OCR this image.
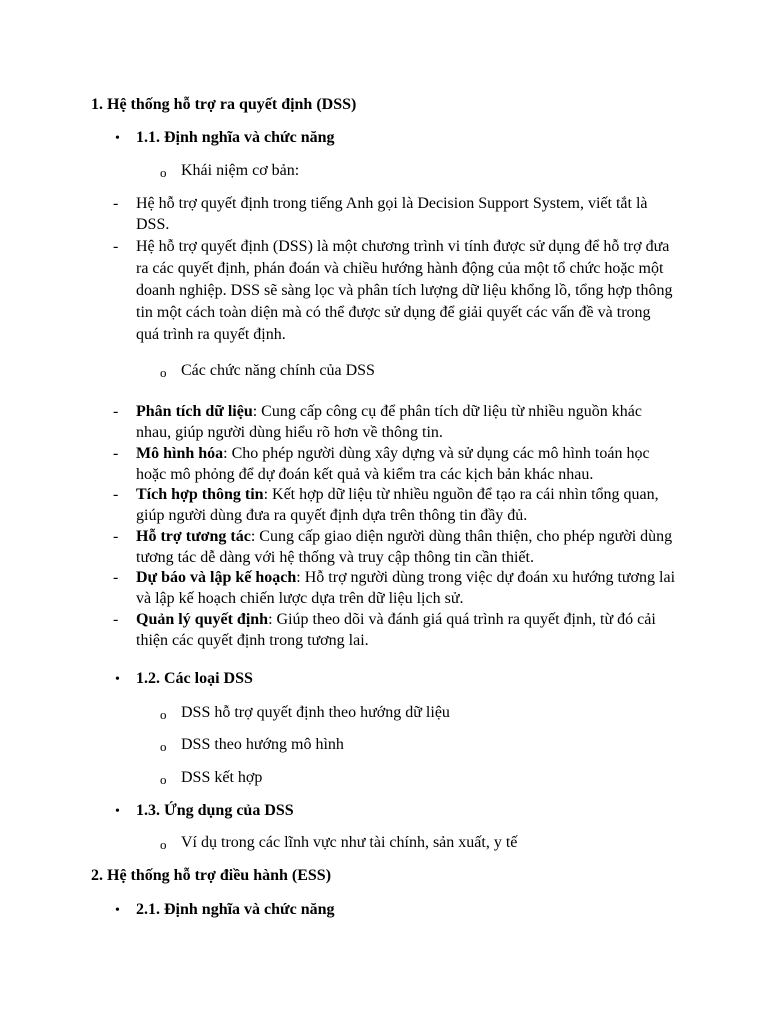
1. Hệ thống hỗ trợ ra quyết định (DSS)
• 1.1. Định nghĩa và chức năng
o Khái niệm cơ bản:
- Hệ hỗ trợ quyết định trong tiếng Anh gọi là Decision Support System, viết tắt là DSS.
- Hệ hỗ trợ quyết định (DSS) là một chương trình vi tính được sử dụng để hỗ trợ đưa ra các quyết định, phán đoán và chiều hướng hành động của một tổ chức hoặc một doanh nghiệp. DSS sẽ sàng lọc và phân tích lượng dữ liệu khổng lồ, tổng hợp thông tin một cách toàn diện mà có thể được sử dụng để giải quyết các vấn đề và trong quá trình ra quyết định.
o Các chức năng chính của DSS
- Phân tích dữ liệu: Cung cấp công cụ để phân tích dữ liệu từ nhiều nguồn khác nhau, giúp người dùng hiểu rõ hơn về thông tin.
- Mô hình hóa: Cho phép người dùng xây dựng và sử dụng các mô hình toán học hoặc mô phỏng để dự đoán kết quả và kiểm tra các kịch bản khác nhau.
- Tích hợp thông tin: Kết hợp dữ liệu từ nhiều nguồn để tạo ra cái nhìn tổng quan, giúp người dùng đưa ra quyết định dựa trên thông tin đầy đủ.
- Hỗ trợ tương tác: Cung cấp giao diện người dùng thân thiện, cho phép người dùng tương tác dễ dàng với hệ thống và truy cập thông tin cần thiết.
- Dự báo và lập kế hoạch: Hỗ trợ người dùng trong việc dự đoán xu hướng tương lai và lập kế hoạch chiến lược dựa trên dữ liệu lịch sử.
- Quản lý quyết định: Giúp theo dõi và đánh giá quá trình ra quyết định, từ đó cải thiện các quyết định trong tương lai.
• 1.2. Các loại DSS
o DSS hỗ trợ quyết định theo hướng dữ liệu
o DSS theo hướng mô hình
o DSS kết hợp
• 1.3. Ứng dụng của DSS
o Ví dụ trong các lĩnh vực như tài chính, sản xuất, y tế
2. Hệ thống hỗ trợ điều hành (ESS)
• 2.1. Định nghĩa và chức năng
